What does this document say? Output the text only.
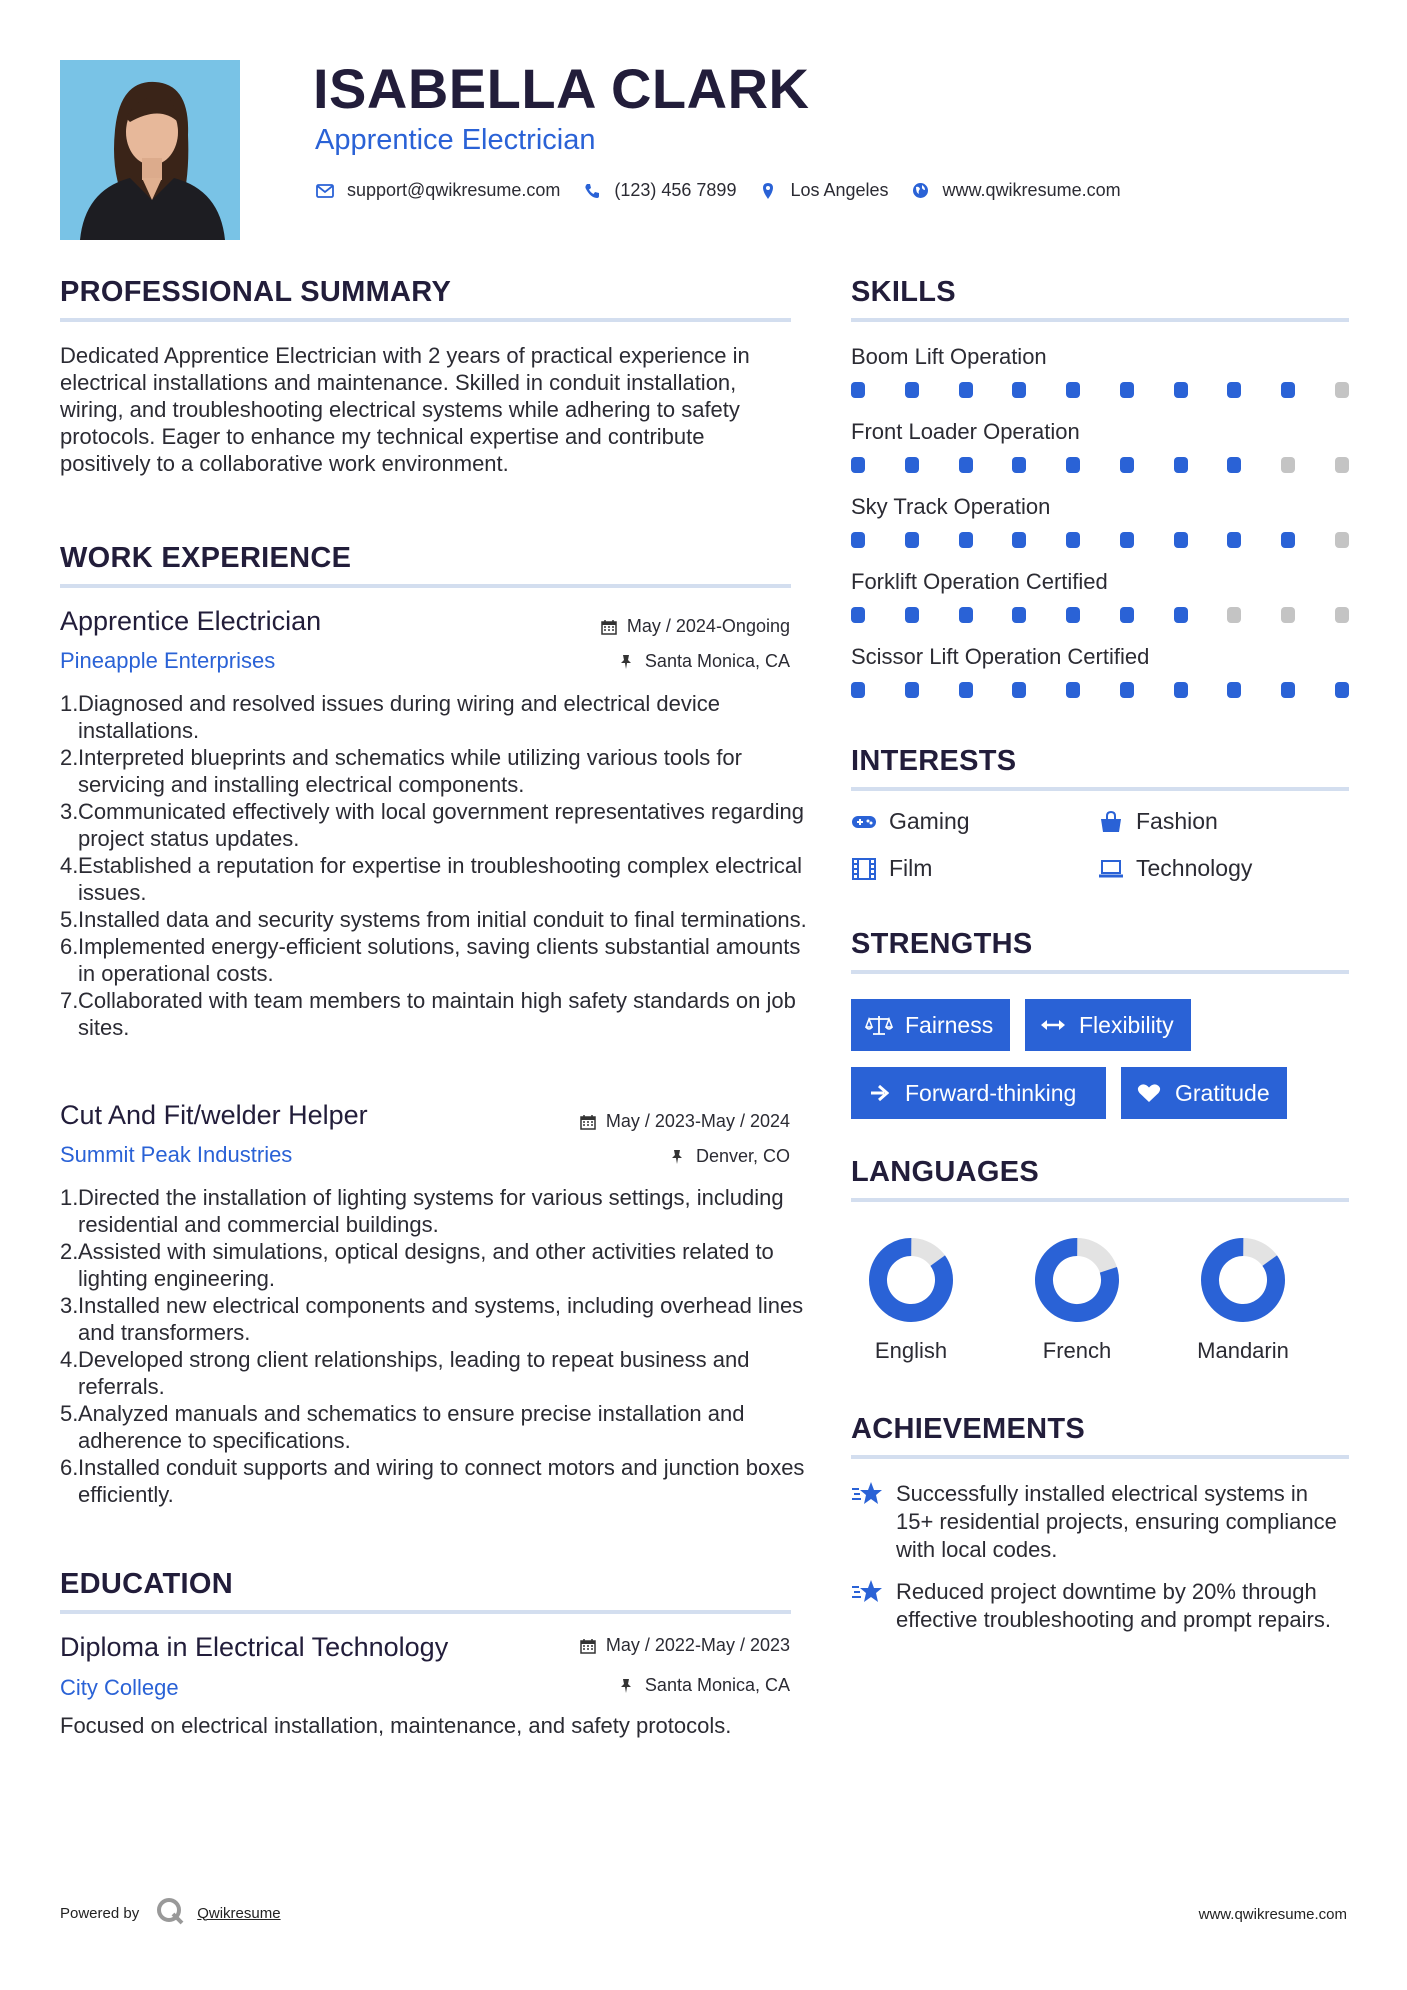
ISABELLA CLARK
Apprentice Electrician
support@qwikresume.com	(123) 456 7899	Los Angeles	www.qwikresume.com
PROFESSIONAL SUMMARY
Dedicated Apprentice Electrician with 2 years of practical experience in electrical installations and maintenance. Skilled in conduit installation, wiring, and troubleshooting electrical systems while adhering to safety protocols. Eager to enhance my technical expertise and contribute positively to a collaborative work environment.
WORK EXPERIENCE
Apprentice Electrician	May / 2024-Ongoing
Pineapple Enterprises	Santa Monica, CA
1. Diagnosed and resolved issues during wiring and electrical device installations.
2. Interpreted blueprints and schematics while utilizing various tools for servicing and installing electrical components.
3. Communicated effectively with local government representatives regarding project status updates.
4. Established a reputation for expertise in troubleshooting complex electrical issues.
5. Installed data and security systems from initial conduit to final terminations.
6. Implemented energy-efficient solutions, saving clients substantial amounts in operational costs.
7. Collaborated with team members to maintain high safety standards on job sites.
Cut And Fit/welder Helper	May / 2023-May / 2024
Summit Peak Industries	Denver, CO
1. Directed the installation of lighting systems for various settings, including residential and commercial buildings.
2. Assisted with simulations, optical designs, and other activities related to lighting engineering.
3. Installed new electrical components and systems, including overhead lines and transformers.
4. Developed strong client relationships, leading to repeat business and referrals.
5. Analyzed manuals and schematics to ensure precise installation and adherence to specifications.
6. Installed conduit supports and wiring to connect motors and junction boxes efficiently.
EDUCATION
Diploma in Electrical Technology	May / 2022-May / 2023
City College	Santa Monica, CA
Focused on electrical installation, maintenance, and safety protocols.
SKILLS
Boom Lift Operation
Front Loader Operation
Sky Track Operation
Forklift Operation Certified
Scissor Lift Operation Certified
INTERESTS
Gaming	Fashion
Film	Technology
STRENGTHS
Fairness	Flexibility
Forward-thinking	Gratitude
LANGUAGES
English	French	Mandarin
ACHIEVEMENTS
Successfully installed electrical systems in 15+ residential projects, ensuring compliance with local codes.
Reduced project downtime by 20% through effective troubleshooting and prompt repairs.
Powered by	Qwikresume	www.qwikresume.com
